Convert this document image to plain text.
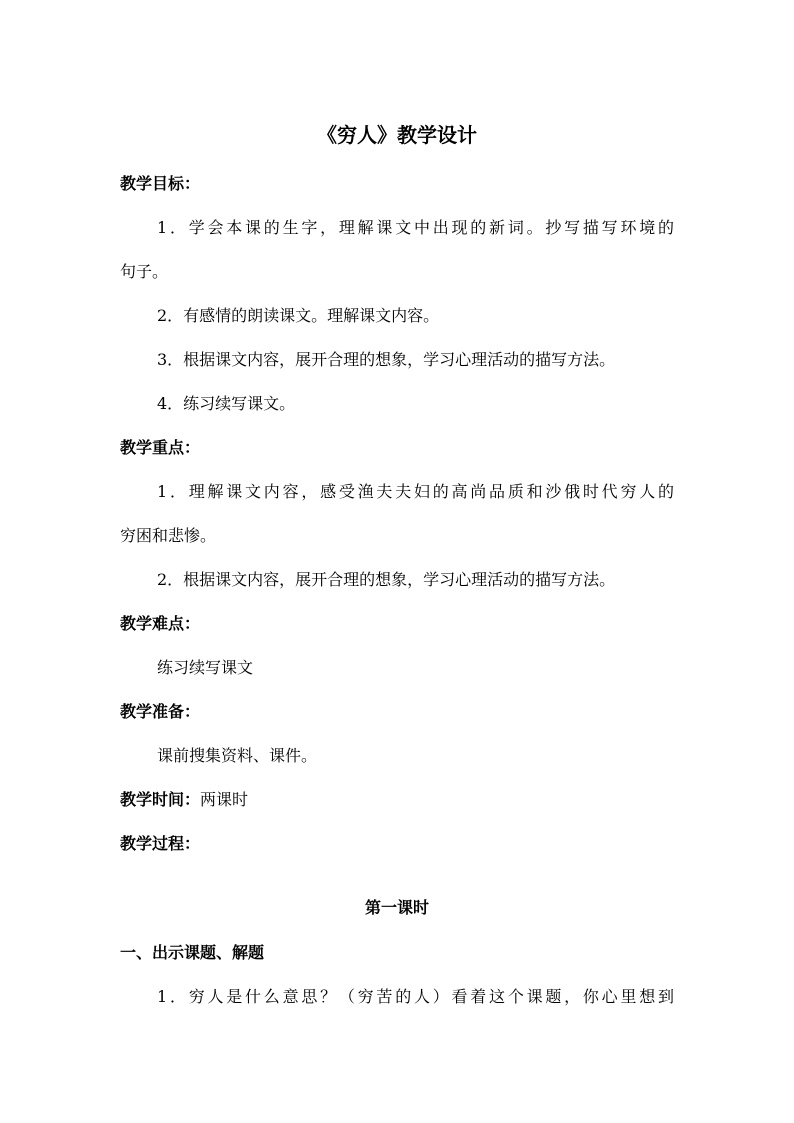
《穷人》教学设计
教学目标：
1．学会本课的生字，理解课文中出现的新词。抄写描写环境的
句子。
2．有感情的朗读课文。理解课文内容。
3．根据课文内容，展开合理的想象，学习心理活动的描写方法。
4．练习续写课文。
教学重点：
1．理解课文内容，感受渔夫夫妇的高尚品质和沙俄时代穷人的
穷困和悲惨。
2．根据课文内容，展开合理的想象，学习心理活动的描写方法。
教学难点：
练习续写课文
教学准备：
课前搜集资料、课件。
教学时间：两课时
教学过程：
第一课时
一、出示课题、解题
1．穷人是什么意思？（穷苦的人）看着这个课题，你心里想到
